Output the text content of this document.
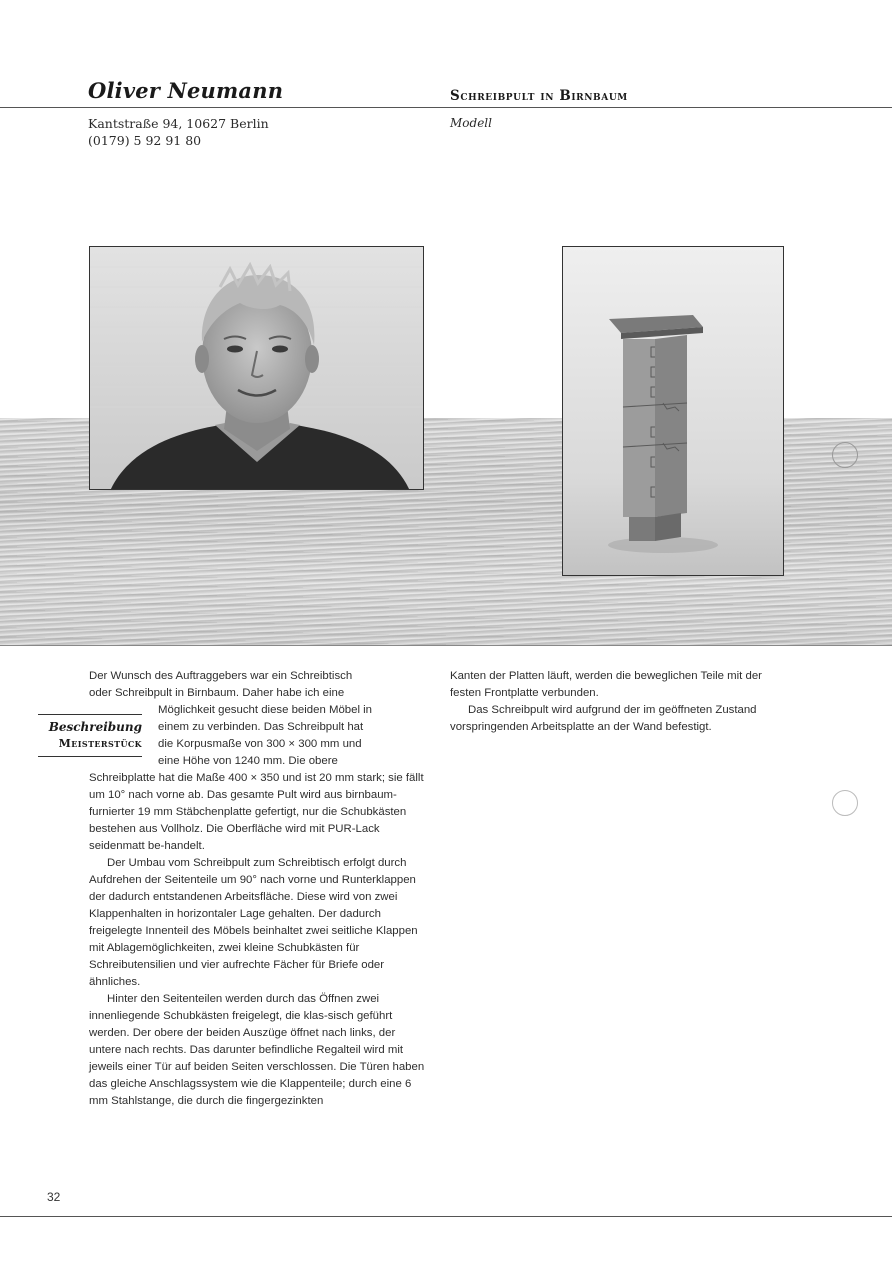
Oliver Neumann
Kantstraße 94, 10627 Berlin
(0179) 5 92 91 80
Schreibpult in Birnbaum
Modell
Beschreibung
Meisterstück

Der Wunsch des Auftraggebers war ein Schreibtisch

oder Schreibpult in Birnbaum. Daher habe ich eine

Möglichkeit gesucht diese beiden Möbel in

einem zu verbinden. Das Schreibpult hat

die Korpusmaße von 300 × 300 mm und

eine Höhe von 1240 mm. Die obere

Schreibplatte hat die Maße 400 × 350 und ist 20 mm stark; sie fällt um 10° nach vorne ab. Das gesamte Pult wird aus birnbaum-furnierter 19 mm Stäbchenplatte gefertigt, nur die Schubkästen bestehen aus Vollholz. Die Oberfläche wird mit PUR-Lack seidenmatt be-handelt.

Der Umbau vom Schreibpult zum Schreibtisch erfolgt durch Aufdrehen der Seitenteile um 90° nach vorne und Runterklappen der dadurch entstandenen Arbeitsfläche. Diese wird von zwei Klappenhalten in horizontaler Lage gehalten. Der dadurch freigelegte Innenteil des Möbels beinhaltet zwei seitliche Klappen mit Ablagemöglichkeiten, zwei kleine Schubkästen für Schreibutensilien und vier aufrechte Fächer für Briefe oder ähnliches.

Hinter den Seitenteilen werden durch das Öffnen zwei innenliegende Schubkästen freigelegt, die klas-sisch geführt werden. Der obere der beiden Auszüge öffnet nach links, der untere nach rechts. Das darunter befindliche Regalteil wird mit jeweils einer Tür auf beiden Seiten verschlossen. Die Türen haben das gleiche Anschlagssystem wie die Klappenteile; durch eine 6 mm Stahlstange, die durch die fingergezinkten

Kanten der Platten läuft, werden die beweglichen Teile mit der festen Frontplatte verbunden.

Das Schreibpult wird aufgrund der im geöffneten Zustand vorspringenden Arbeitsplatte an der Wand befestigt.

32
